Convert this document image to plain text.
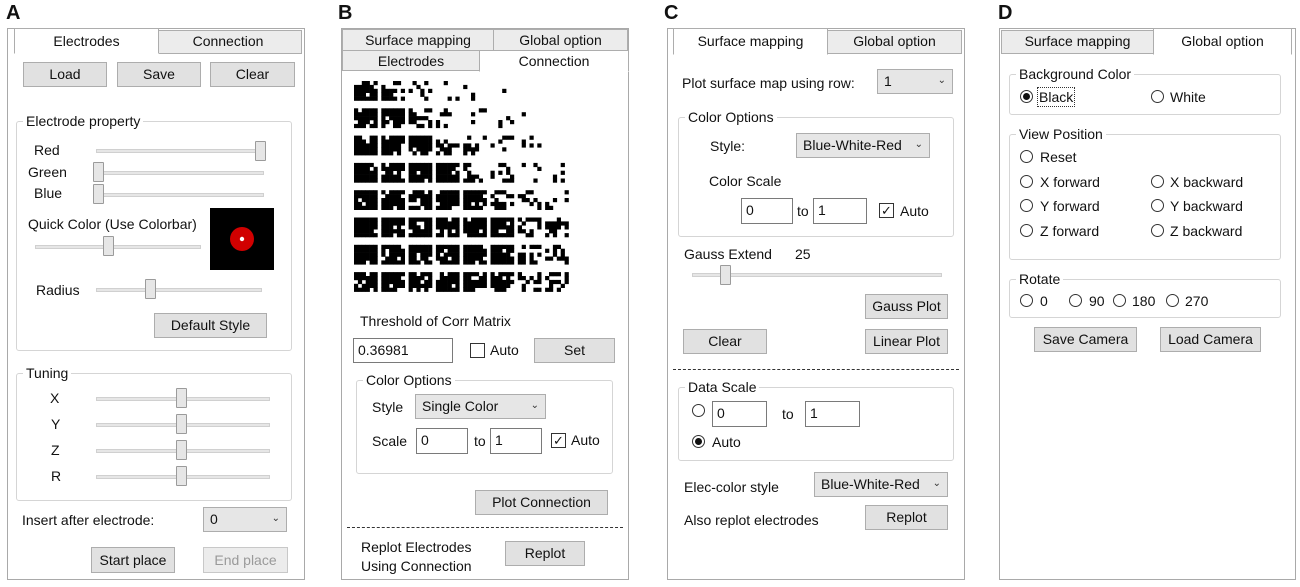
A
Electrodes	Connection
Load	Save	Clear
Electrode property
Red
Green
Blue
Quick Color (Use Colorbar)
Radius
Default Style
Tuning
X
Y
Z
R
Insert after electrode:	0	⌄
Start place	End place
B
Surface mapping	Global option
Electrodes	Connection
Threshold of Corr Matrix
0.36981	Auto	Set
Color Options
Style	Single Color	⌄
Scale 0	to 1	✓ Auto
Plot Connection
Replot Electrodes
Using Connection
Replot
C
Surface mapping	Global option
Plot surface map using row:	1	⌄
Color Options
Style:	Blue-White-Red ⌄
Color Scale
0	to 1	✓ Auto
Gauss Extend 25
Gauss Plot
Clear	Linear Plot
Data Scale
0	to	1
Auto
Elec-color style	Blue-White-Red ⌄
Also replot electrodes	Replot
D
Surface mapping	Global option
Background Color
Black	White
View Position
Reset
X forward	X backward
Y forward	Y backward
Z forward	Z backward
Rotate
0	90 180 270
Save Camera	Load Camera
